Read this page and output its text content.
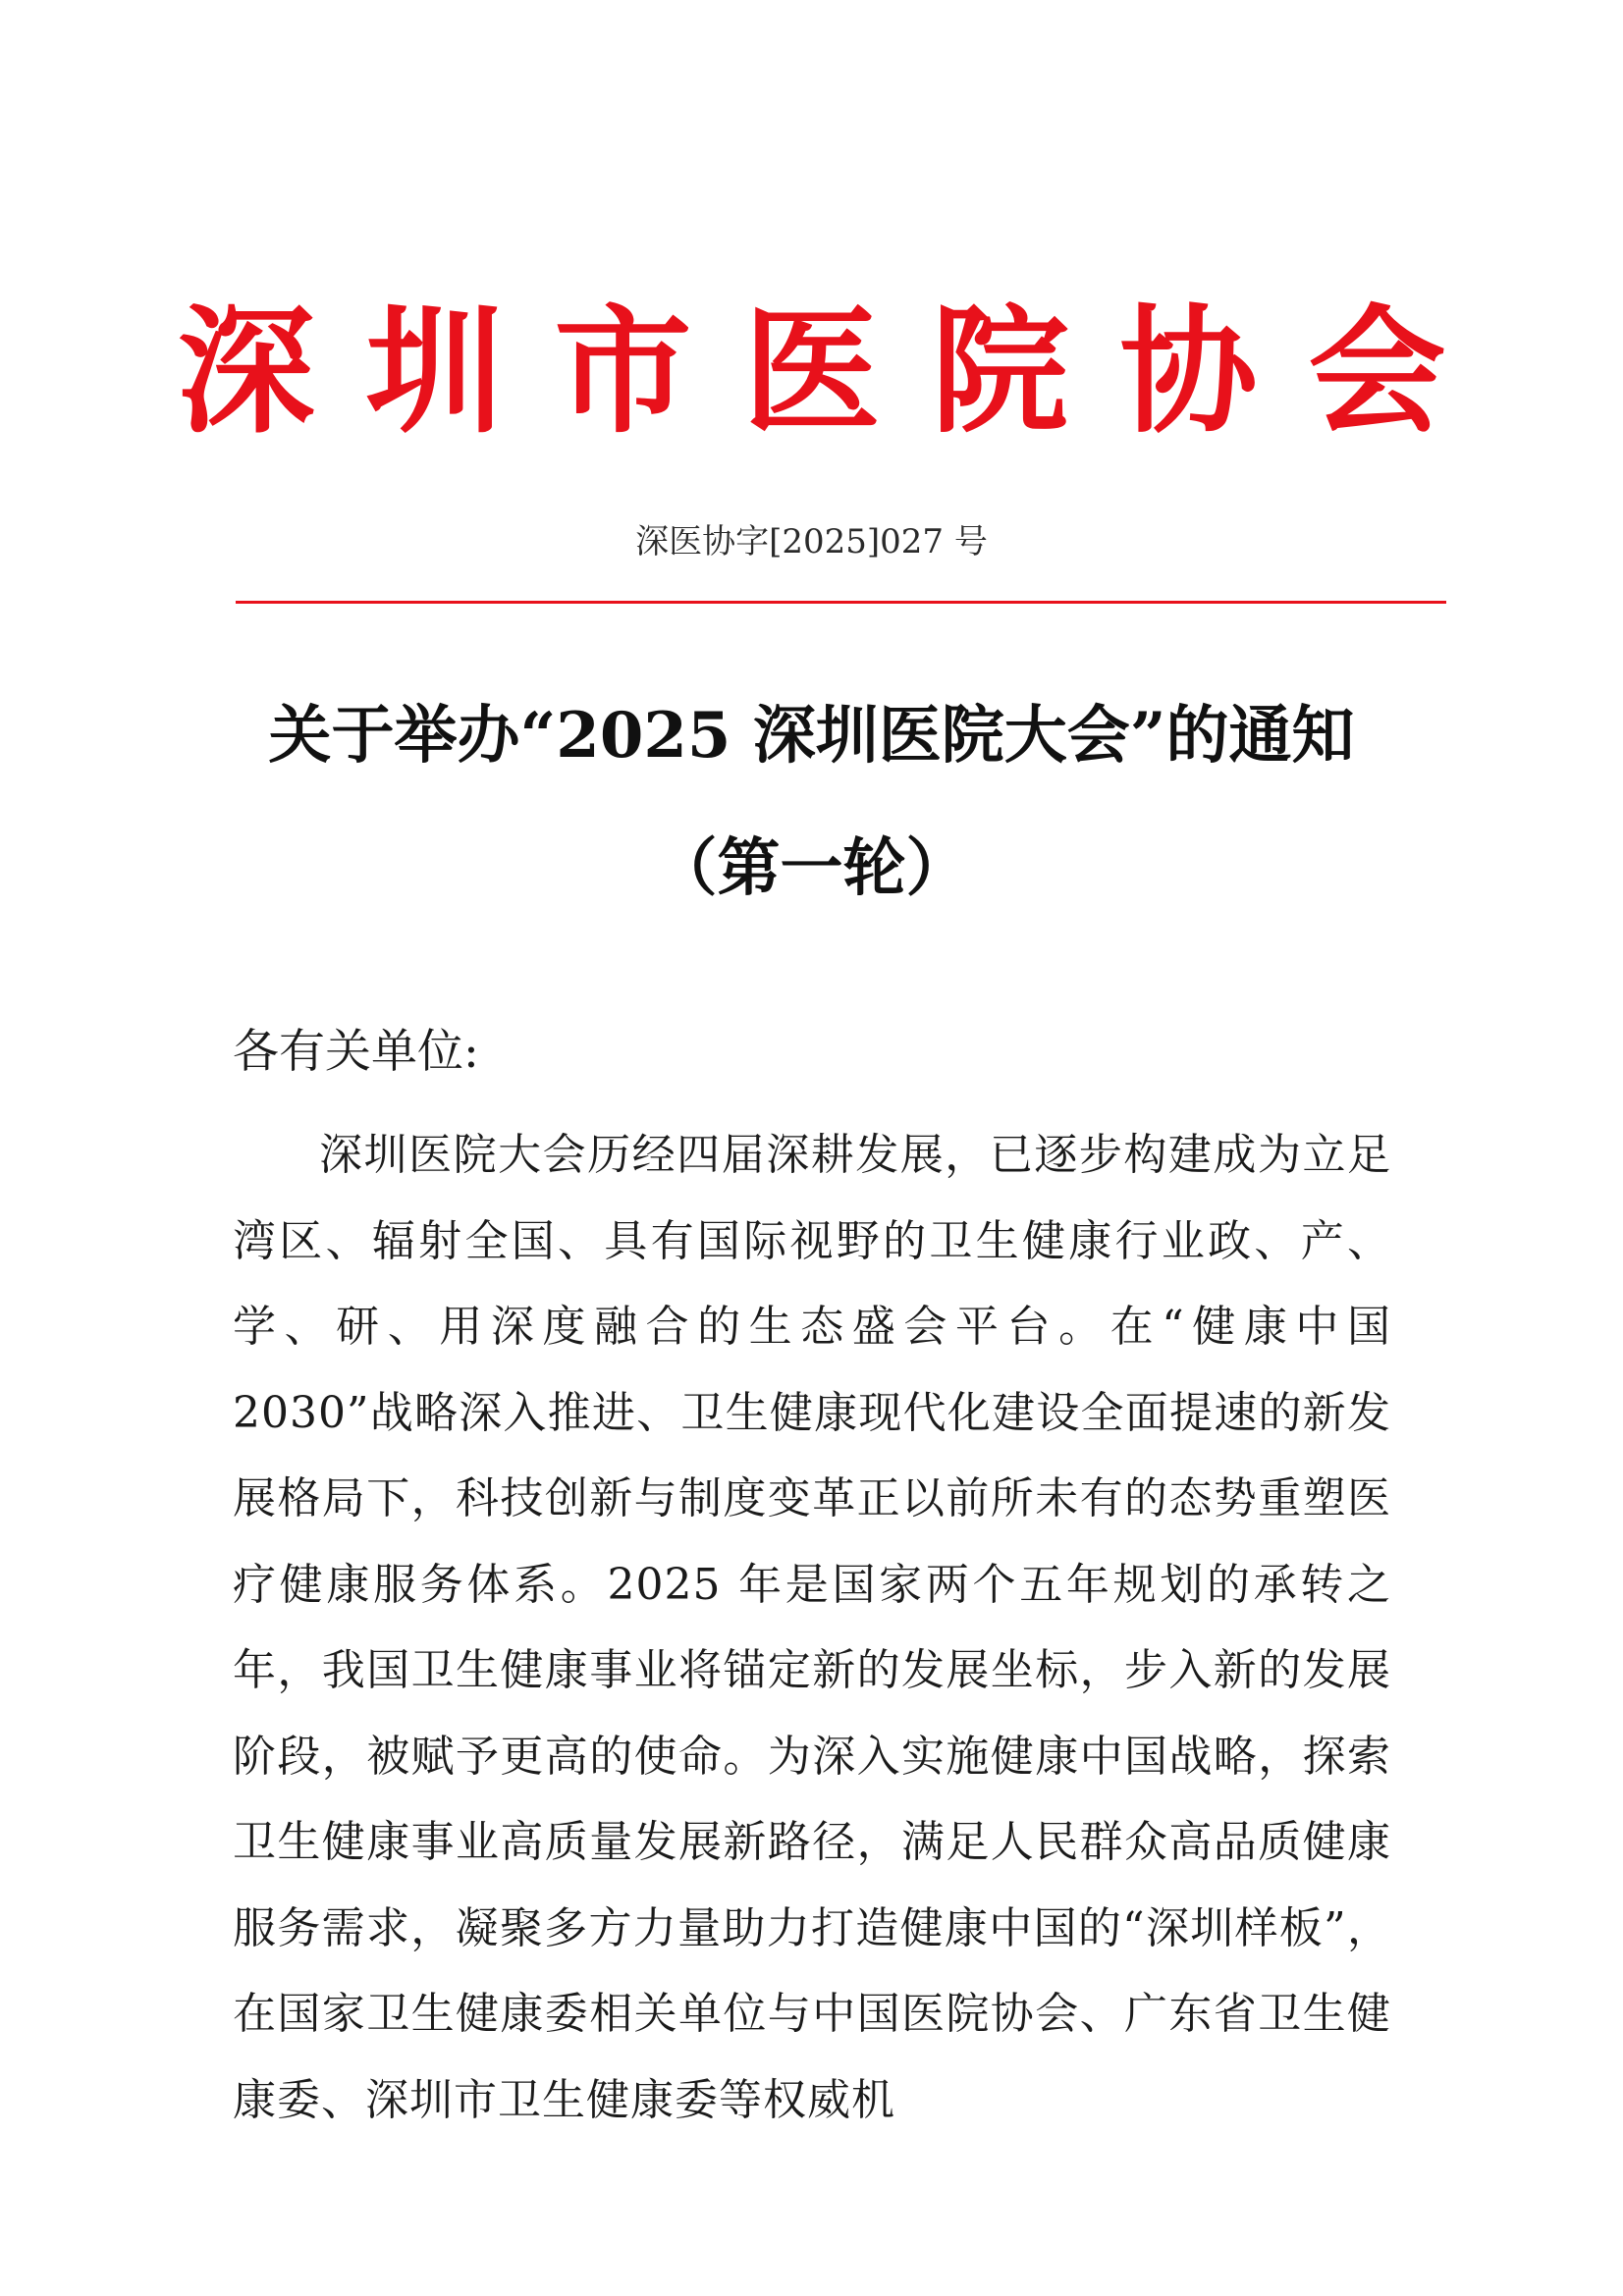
深圳市医院协会
深医协字[2025]027 号
关于举办“2025 深圳医院大会”的通知
（第一轮）
各有关单位:

深圳医院大会历经四届深耕发展，已逐步构建成为立足湾区、辐射全国、具有国际视野的卫生健康行业政、产、学、研、用深度融合的生态盛会平台。在“健康中国 2030”战略深入推进、卫生健康现代化建设全面提速的新发展格局下，科技创新与制度变革正以前所未有的态势重塑医疗健康服务体系。2025 年是国家两个五年规划的承转之年，我国卫生健康事业将锚定新的发展坐标，步入新的发展阶段，被赋予更高的使命。为深入实施健康中国战略，探索卫生健康事业高质量发展新路径，满足人民群众高品质健康服务需求，凝聚多方力量助力打造健康中国的“深圳样板”，在国家卫生健康委相关单位与中国医院协会、广东省卫生健康委、深圳市卫生健康委等权威机
